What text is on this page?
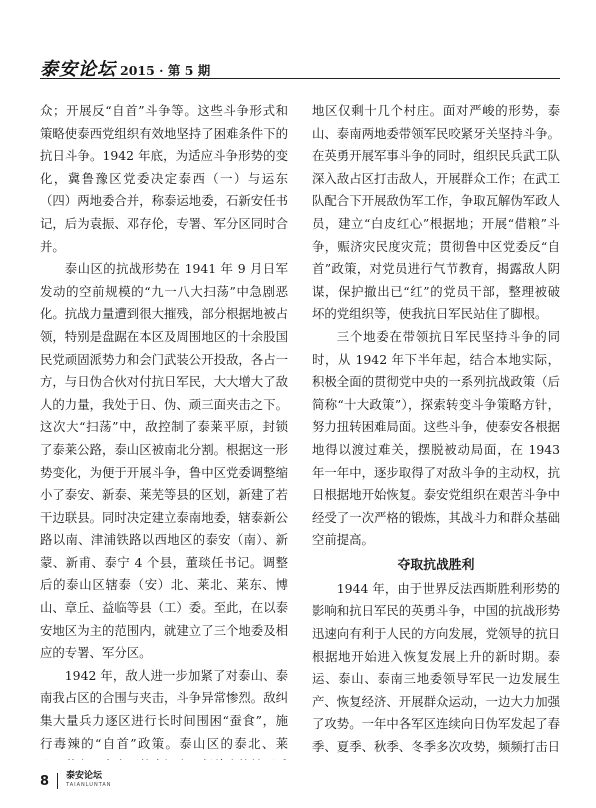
泰安论坛 2015 · 第 5 期

众；开展反“自首”斗争等。这些斗争形式和策略使泰西党组织有效地坚持了困难条件下的抗日斗争。1942 年底，为适应斗争形势的变化，冀鲁豫区党委决定泰西（一）与运东（四）两地委合并，称泰运地委，石新安任书记，后为袁振、邓存伦，专署、军分区同时合并。

泰山区的抗战形势在 1941 年 9 月日军发动的空前规模的“九一八大扫荡”中急剧恶化。抗战力量遭到很大摧残，部分根据地被占领，特别是盘踞在本区及周围地区的十余股国民党顽固派势力和会门武装公开投敌，各占一方，与日伪合伙对付抗日军民，大大增大了敌人的力量，我处于日、伪、顽三面夹击之下。这次大“扫荡”中，敌控制了泰莱平原，封锁了泰莱公路，泰山区被南北分割。根据这一形势变化，为便于开展斗争，鲁中区党委调整缩小了泰安、新泰、莱芜等县的区划，新建了若干边联县。同时决定建立泰南地委，辖泰新公路以南、津浦铁路以西地区的泰安（南）、新蒙、新甫、泰宁 4 个县，董琰任书记。调整后的泰山区辖泰（安）北、莱北、莱东、博山、章丘、益临等县（工）委。至此，在以泰安地区为主的范围内，就建立了三个地委及相应的专署、军分区。

1942 年，敌人进一步加紧了对泰山、泰南我占区的合围与夹击，斗争异常惨烈。敌纠集大量兵力逐区进行长时间围困“蚕食”，施行毒辣的“自首”政策。泰山区的泰北、莱

地区仅剩十几个村庄。面对严峻的形势，泰山、泰南两地委带领军民咬紧牙关坚持斗争。在英勇开展军事斗争的同时，组织民兵武工队深入敌占区打击敌人，开展群众工作；在武工队配合下开展敌伪军工作，争取瓦解伪军政人员，建立“白皮红心”根据地；开展“借粮”斗争，赈济灾民度灾荒；贯彻鲁中区党委反“自首”政策，对党员进行气节教育，揭露敌人阴谋，保护撤出已“红”的党员干部，整理被破坏的党组织等，使我抗日军民站住了脚根。

三个地委在带领抗日军民坚持斗争的同时，从 1942 年下半年起，结合本地实际，积极全面的贯彻党中央的一系列抗战政策（后简称“十大政策”），探索转变斗争策略方针，努力扭转困难局面。这些斗争，使泰安各根据地得以渡过难关，摆脱被动局面，在 1943 年一年中，逐步取得了对敌斗争的主动权，抗日根据地开始恢复。泰安党组织在艰苦斗争中经受了一次严格的锻炼，其战斗力和群众基础空前提高。

夺取抗战胜利

1944 年，由于世界反法西斯胜利形势的影响和抗日军民的英勇斗争，中国的抗战形势迅速向有利于人民的方向发展，党领导的抗日根据地开始进入恢复发展上升的新时期。泰运、泰山、泰南三地委领导军民一边发展生产、恢复经济、开展群众运动，一边大力加强了攻势。一年中各军区连续向日伪军发起了春季、夏季、秋季、冬季多次攻势，频频打击日

8 泰安论坛
TAIANLUNTAN
